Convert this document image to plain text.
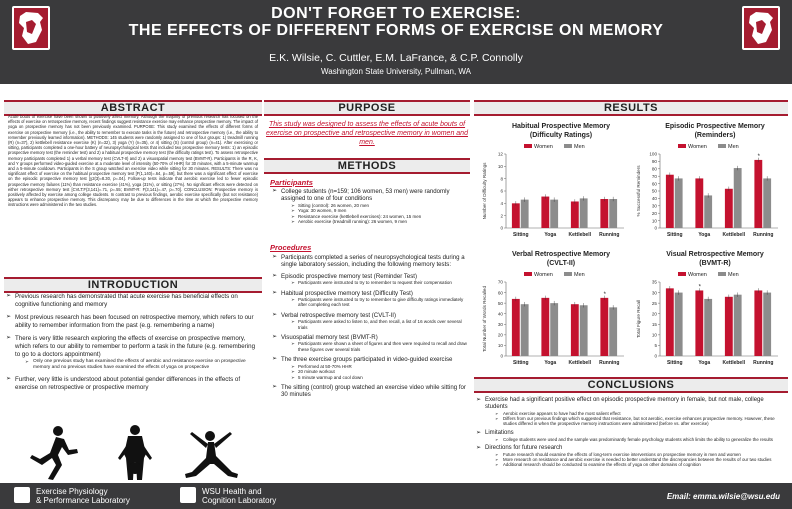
DON'T FORGET TO EXERCISE:
THE EFFECTS OF DIFFERENT FORMS OF EXERCISE ON MEMORY
E.K. Wilsie, C. Cuttler, E.M. LaFrance, & C.P. Connolly
Washington State University, Pullman, WA
ABSTRACT
Acute bouts of exercise have been shown to positively affect memory. Although the majority of previous research has focused on the effects of exercise on retrospective memory, recent findings suggest resistance exercise may enhance prospective memory. The impact of yoga on prospective memory has not been previously examined. PURPOSE: This study examined the effects of different forms of exercise on prospective memory (i.e., the ability to remember to execute tasks in the future) and retrospective memory (i.e., the ability to remember previously learned information). METHODS: 145 students were randomly assigned to one of four groups: 1) treadmill running (R) (n=37), 2) kettlebell resistance exercise (K) (n=32), 3) yoga (Y) (n=35), or 4) sitting (S) (control group) (n=41). After exercising or sitting, participants completed a one-hour battery of neuropsychological tests that included two prospective memory tests: 1) an episodic prospective memory test (the reminder test) and 2) a habitual prospective memory test (the difficulty ratings test). To assess retrospective memory participants completed 1) a verbal memory test (CVLT-II) and 2) a visuospatial memory test (BVMT-R). Participants in the R, K, and Y groups performed video-guided exercise at a moderate level of intensity (50-70% of HHR) for 30 minutes, with a 5-minute warmup and a 5-minute cooldown. Participants in the S group watched an exercise video while sitting for 30 minutes. RESULTS: There was no significant effect of exercise on the habitual prospective memory test [F(1,140)=.64, p=.59], but there was a significant effect of exercise on the episodic prospective memory test [χ2(3)=8.30, p=.04]. Follow-up tests indicate that aerobic exercise led to fewer episodic prospective memory failures (11%) than resistance exercise (41%), yoga (31%), or sitting (27%). No significant effects were detected on either retrospective memory test [CVLT:F(3,141)=.71, p=.55; BVMT-R: F(3,141)=.47, p=.70]. CONCLUSION: Prospective memory is positively affected by exercise among college students. In contrast to previous findings, aerobic exercise specifically (but not resistance) appears to enhance prospective memory. This discrepancy may be due to differences in the time at which the prospective memory instructions were administered in the two studies.
INTRODUCTION
➢ Previous research has demonstrated that acute exercise has beneficial effects on cognitive functioning and memory
➢ Most previous research has been focused on retrospective memory, which refers to our ability to remember information from the past (e.g. remembering a name)
➢ There is very little research exploring the effects of exercise on prospective memory, which refers to our ability to remember to perform a task in the future (e.g. remembering to go to a doctors appointment)
➢ Only one previous study has examined the effects of aerobic and resistance exercise on prospective memory and no previous studies have examined the effects of yoga on prospective
➢ Further, very little is understood about potential gender differences in the effects of exercise on retrospective or prospective memory
PURPOSE
This study was designed to assess the effects of acute bouts of exercise on prospective and retrospective memory in women and men.
METHODS
Participants
➢ College students (n=159; 106 women, 53 men) were randomly assigned to one of four conditions
➢ Sitting (control): 26 women, 20 men
➢ Yoga: 30 women, 9 men
➢ Resistance exercise (kettlebell exercises): 24 women, 15 men
➢ Aerobic exercise (treadmill running): 26 women, 9 men
Procedures
➢ Participants completed a series of neuropsychological tests during a single laboratory session, including the following memory tests:
➢ Episodic prospective memory test (Reminder Test)
➢ Participants were instructed to try to remember to request their compensation
➢ Habitual prospective memory test (Difficulty Test)
➢ Participants were instructed to try to remember to give difficulty ratings immediately after completing each test
➢ Verbal retrospective memory test (CVLT-II)
➢ Participants were asked to listen to, and then recall, a list of 16 words over several trials
➢ Visuospatial memory test (BVMT-R)
➢ Participants were shown a sheet of figures and then were required to recall and draw these figures over several trials
➢ The three exercise groups participated in video-guided exercise
➢ Performed at 50-70% HHR
➢ 20 minute workout
➢ 5 minute warmup and cool down
➢ The sitting (control) group watched an exercise video while sitting for 30 minutes
RESULTS
Habitual Prospective Memory
(Difficulty Ratings)
Women	Men
0
2
4
6
8
10
12
Number of Difficulty Ratings
Sitting	Yoga Kettlebell Running
Episodic Prospective Memory
(Reminders)
Women	Men
0
10
20
30
40
50
60
70
80
90
100
% Successful Reminders
Sitting	Yoga Kettlebell Running
*
Verbal Retrospective Memory
(CVLT-II)
Women	Men
0
10
20
30
40
50
60
70
Total Number of Words Recalled
Sitting	Yoga Kettlebell Running
*
Visual Retrospective Memory
(BVMT-R)
Women	Men
0
5
10
15
20
25
30
35
Total Figure Recall
Sitting	Yoga
*
Kettlebell Running
CONCLUSIONS
➢ Exercise had a significant positive effect on episodic prospective memory in female, but not male, college students
➢ Aerobic exercise appears to have had the most salient effect
➢ Differs from our previous findings which suggested that resistance, but not aerobic, exercise enhances prospective memory. However, these studies differed in when the prospective memory instructions were administered (before vs. after exercise)
➢ Limitations
➢ College students were used and the sample was predominantly female psychology students which limits the ability to generalize the results
➢ Directions for future research
➢ Future research should examine the effects of long-term exercise interventions on prospective memory in men and women
➢ More research on resistance and aerobic exercise is needed to better understand the discrepancies between the results of our two studies
➢ Additional research should be conducted to examine the effects of yoga on other domains of cognition
Exercise Physiology
& Performance Laboratory
WSU Health and
Cognition Laboratory	Email: emma.wilsie@wsu.edu
